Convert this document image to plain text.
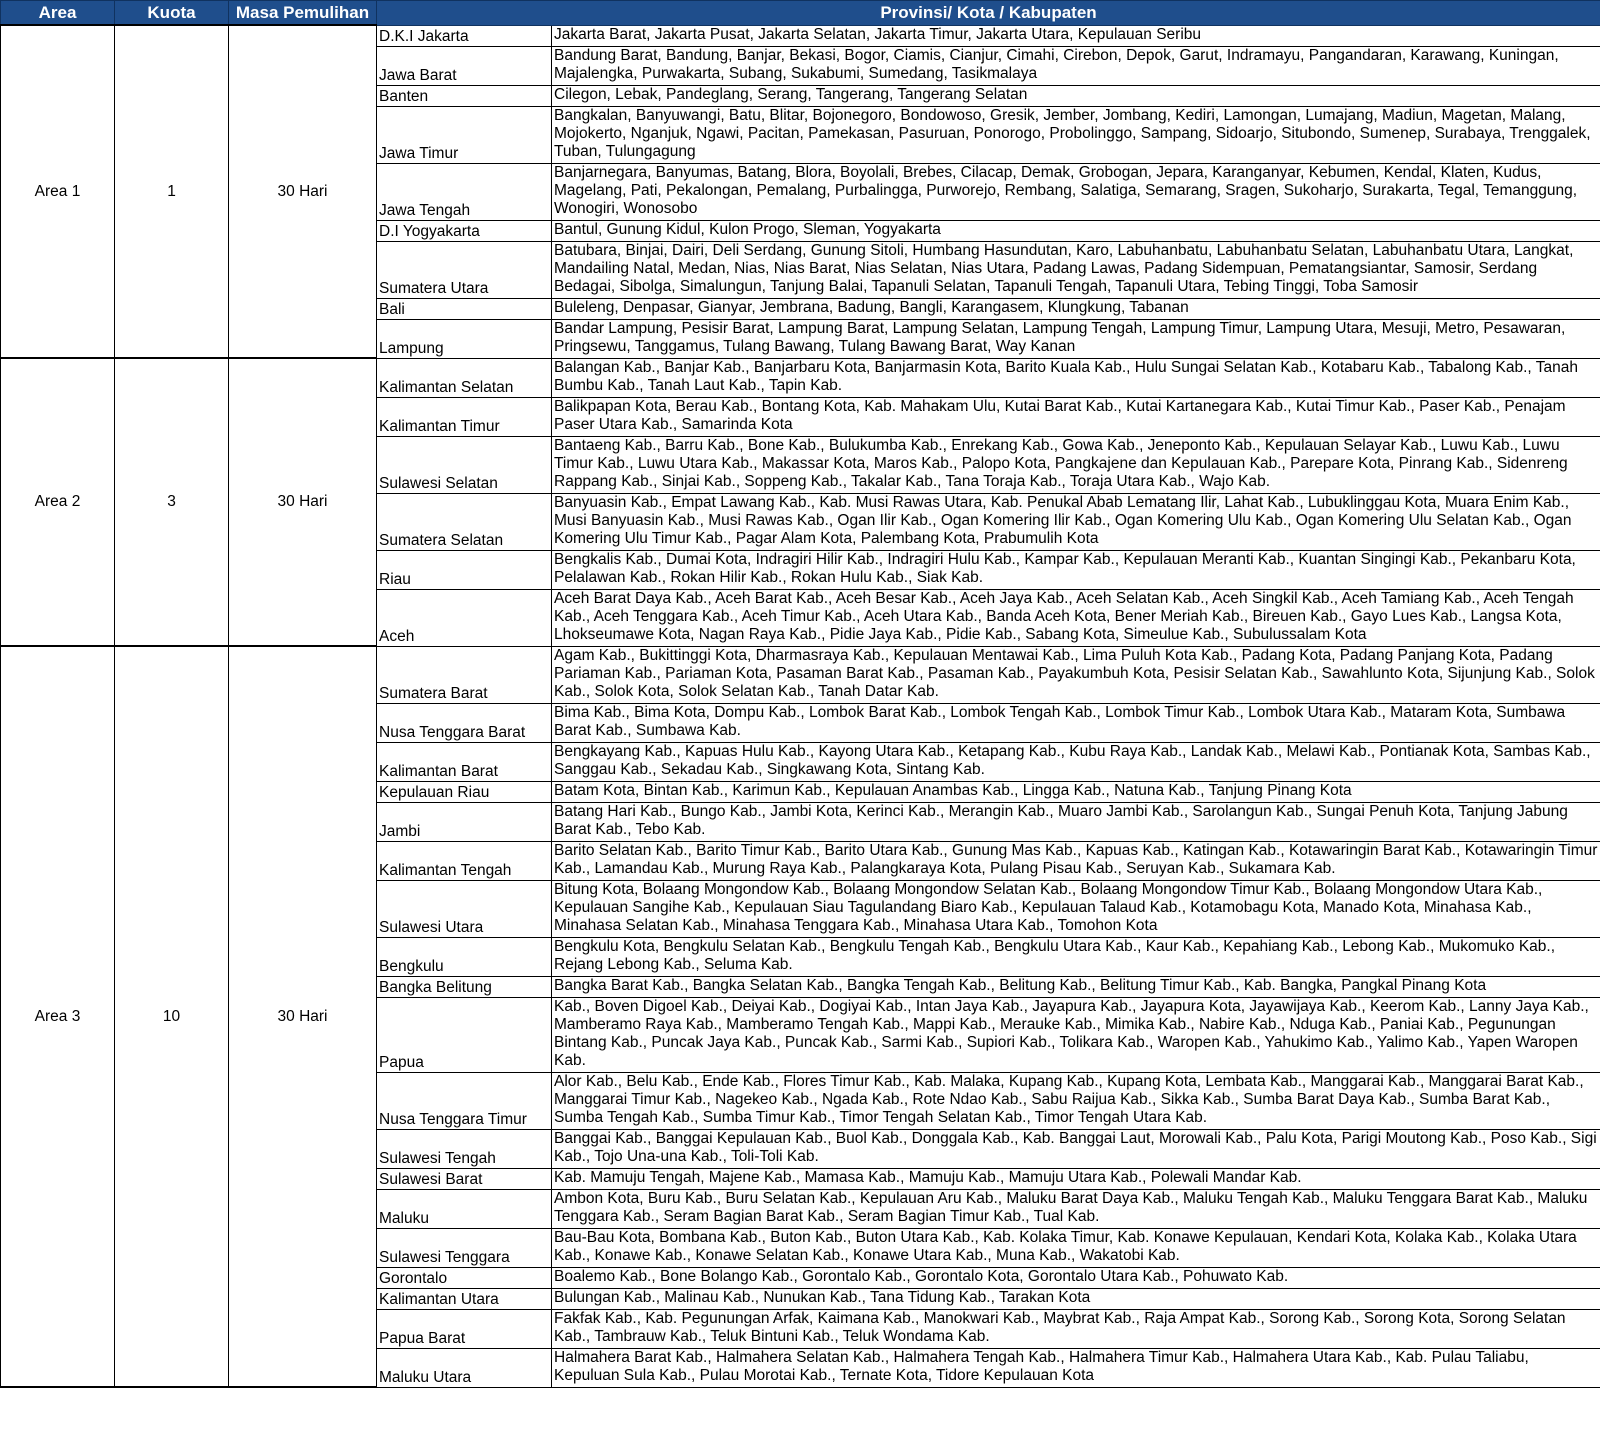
Area	Kuota	Masa Pemulihan	Provinsi/ Kota / Kabupaten	
Area 1	1	30 Hari	D.K.I Jakarta	Jakarta Barat, Jakarta Pusat, Jakarta Selatan, Jakarta Timur, Jakarta Utara, Kepulauan Seribu
			Jawa Barat	Bandung Barat, Bandung, Banjar, Bekasi, Bogor, Ciamis, Cianjur, Cimahi, Cirebon, Depok, Garut, Indramayu, Pangandaran, Karawang, Kuningan, Majalengka, Purwakarta, Subang, Sukabumi, Sumedang, Tasikmalaya
			Banten	Cilegon, Lebak, Pandeglang, Serang, Tangerang, Tangerang Selatan
			Jawa Timur	Bangkalan, Banyuwangi, Batu, Blitar, Bojonegoro, Bondowoso, Gresik, Jember, Jombang, Kediri, Lamongan, Lumajang, Madiun, Magetan, Malang, Mojokerto, Nganjuk, Ngawi, Pacitan, Pamekasan, Pasuruan, Ponorogo, Probolinggo, Sampang, Sidoarjo, Situbondo, Sumenep, Surabaya, Trenggalek, Tuban, Tulungagung
			Jawa Tengah	Banjarnegara, Banyumas, Batang, Blora, Boyolali, Brebes, Cilacap, Demak, Grobogan, Jepara, Karanganyar, Kebumen, Kendal, Klaten, Kudus, Magelang, Pati, Pekalongan, Pemalang, Purbalingga, Purworejo, Rembang, Salatiga, Semarang, Sragen, Sukoharjo, Surakarta, Tegal, Temanggung, Wonogiri, Wonosobo
			D.I Yogyakarta	Bantul, Gunung Kidul, Kulon Progo, Sleman, Yogyakarta
			Sumatera Utara	Batubara, Binjai, Dairi, Deli Serdang, Gunung Sitoli, Humbang Hasundutan, Karo, Labuhanbatu, Labuhanbatu Selatan, Labuhanbatu Utara, Langkat, Mandailing Natal, Medan, Nias, Nias Barat, Nias Selatan, Nias Utara, Padang Lawas, Padang Sidempuan, Pematangsiantar, Samosir, Serdang Bedagai, Sibolga, Simalungun, Tanjung Balai, Tapanuli Selatan, Tapanuli Tengah, Tapanuli Utara, Tebing Tinggi, Toba Samosir
			Bali	Buleleng, Denpasar, Gianyar, Jembrana, Badung, Bangli, Karangasem, Klungkung, Tabanan
			Lampung	Bandar Lampung, Pesisir Barat, Lampung Barat, Lampung Selatan, Lampung Tengah, Lampung Timur, Lampung Utara, Mesuji, Metro, Pesawaran, Pringsewu, Tanggamus, Tulang Bawang, Tulang Bawang Barat, Way Kanan
Area 2	3	30 Hari	Kalimantan Selatan	Balangan Kab., Banjar Kab., Banjarbaru Kota, Banjarmasin Kota, Barito Kuala Kab., Hulu Sungai Selatan Kab., Kotabaru Kab., Tabalong Kab., Tanah Bumbu Kab., Tanah Laut Kab., Tapin Kab.
			Kalimantan Timur	Balikpapan Kota, Berau Kab., Bontang Kota, Kab. Mahakam Ulu, Kutai Barat Kab., Kutai Kartanegara Kab., Kutai Timur Kab., Paser Kab., Penajam Paser Utara Kab., Samarinda Kota
			Sulawesi Selatan	Bantaeng Kab., Barru Kab., Bone Kab., Bulukumba Kab., Enrekang Kab., Gowa Kab., Jeneponto Kab., Kepulauan Selayar Kab., Luwu Kab., Luwu Timur Kab., Luwu Utara Kab., Makassar Kota, Maros Kab., Palopo Kota, Pangkajene dan Kepulauan Kab., Parepare Kota, Pinrang Kab., Sidenreng Rappang Kab., Sinjai Kab., Soppeng Kab., Takalar Kab., Tana Toraja Kab., Toraja Utara Kab., Wajo Kab.
			Sumatera Selatan	Banyuasin Kab., Empat Lawang Kab., Kab. Musi Rawas Utara, Kab. Penukal Abab Lematang Ilir, Lahat Kab., Lubuklinggau Kota, Muara Enim Kab., Musi Banyuasin Kab., Musi Rawas Kab., Ogan Ilir Kab., Ogan Komering Ilir Kab., Ogan Komering Ulu Kab., Ogan Komering Ulu Selatan Kab., Ogan Komering Ulu Timur Kab., Pagar Alam Kota, Palembang Kota, Prabumulih Kota
			Riau	Bengkalis Kab., Dumai Kota, Indragiri Hilir Kab., Indragiri Hulu Kab., Kampar Kab., Kepulauan Meranti Kab., Kuantan Singingi Kab., Pekanbaru Kota, Pelalawan Kab., Rokan Hilir Kab., Rokan Hulu Kab., Siak Kab.
			Aceh	Aceh Barat Daya Kab., Aceh Barat Kab., Aceh Besar Kab., Aceh Jaya Kab., Aceh Selatan Kab., Aceh Singkil Kab., Aceh Tamiang Kab., Aceh Tengah Kab., Aceh Tenggara Kab., Aceh Timur Kab., Aceh Utara Kab., Banda Aceh Kota, Bener Meriah Kab., Bireuen Kab., Gayo Lues Kab., Langsa Kota, Lhokseumawe Kota, Nagan Raya Kab., Pidie Jaya Kab., Pidie Kab., Sabang Kota, Simeulue Kab., Subulussalam Kota
Area 3	10	30 Hari	Sumatera Barat	Agam Kab., Bukittinggi Kota, Dharmasraya Kab., Kepulauan Mentawai Kab., Lima Puluh Kota Kab., Padang Kota, Padang Panjang Kota, Padang Pariaman Kab., Pariaman Kota, Pasaman Barat Kab., Pasaman Kab., Payakumbuh Kota, Pesisir Selatan Kab., Sawahlunto Kota, Sijunjung Kab., Solok Kab., Solok Kota, Solok Selatan Kab., Tanah Datar Kab.
			Nusa Tenggara Barat	Bima Kab., Bima Kota, Dompu Kab., Lombok Barat Kab., Lombok Tengah Kab., Lombok Timur Kab., Lombok Utara Kab., Mataram Kota, Sumbawa Barat Kab., Sumbawa Kab.
			Kalimantan Barat	Bengkayang Kab., Kapuas Hulu Kab., Kayong Utara Kab., Ketapang Kab., Kubu Raya Kab., Landak Kab., Melawi Kab., Pontianak Kota, Sambas Kab., Sanggau Kab., Sekadau Kab., Singkawang Kota, Sintang Kab.
			Kepulauan Riau	Batam Kota, Bintan Kab., Karimun Kab., Kepulauan Anambas Kab., Lingga Kab., Natuna Kab., Tanjung Pinang Kota
			Jambi	Batang Hari Kab., Bungo Kab., Jambi Kota, Kerinci Kab., Merangin Kab., Muaro Jambi Kab., Sarolangun Kab., Sungai Penuh Kota, Tanjung Jabung Barat Kab., Tebo Kab.
			Kalimantan Tengah	Barito Selatan Kab., Barito Timur Kab., Barito Utara Kab., Gunung Mas Kab., Kapuas Kab., Katingan Kab., Kotawaringin Barat Kab., Kotawaringin Timur Kab., Lamandau Kab., Murung Raya Kab., Palangkaraya Kota, Pulang Pisau Kab., Seruyan Kab., Sukamara Kab.
			Sulawesi Utara	Bitung Kota, Bolaang Mongondow Kab., Bolaang Mongondow Selatan Kab., Bolaang Mongondow Timur Kab., Bolaang Mongondow Utara Kab., Kepulauan Sangihe Kab., Kepulauan Siau Tagulandang Biaro Kab., Kepulauan Talaud Kab., Kotamobagu Kota, Manado Kota, Minahasa Kab., Minahasa Selatan Kab., Minahasa Tenggara Kab., Minahasa Utara Kab., Tomohon Kota
			Bengkulu	Bengkulu Kota, Bengkulu Selatan Kab., Bengkulu Tengah Kab., Bengkulu Utara Kab., Kaur Kab., Kepahiang Kab., Lebong Kab., Mukomuko Kab., Rejang Lebong Kab., Seluma Kab.
			Bangka Belitung	Bangka Barat Kab., Bangka Selatan Kab., Bangka Tengah Kab., Belitung Kab., Belitung Timur Kab., Kab. Bangka, Pangkal Pinang Kota
			Papua	Kab., Boven Digoel Kab., Deiyai Kab., Dogiyai Kab., Intan Jaya Kab., Jayapura Kab., Jayapura Kota, Jayawijaya Kab., Keerom Kab., Lanny Jaya Kab., Mamberamo Raya Kab., Mamberamo Tengah Kab., Mappi Kab., Merauke Kab., Mimika Kab., Nabire Kab., Nduga Kab., Paniai Kab., Pegunungan Bintang Kab., Puncak Jaya Kab., Puncak Kab., Sarmi Kab., Supiori Kab., Tolikara Kab., Waropen Kab., Yahukimo Kab., Yalimo Kab., Yapen Waropen Kab.
			Nusa Tenggara Timur	Alor Kab., Belu Kab., Ende Kab., Flores Timur Kab., Kab. Malaka, Kupang Kab., Kupang Kota, Lembata Kab., Manggarai Kab., Manggarai Barat Kab., Manggarai Timur Kab., Nagekeo Kab., Ngada Kab., Rote Ndao Kab., Sabu Raijua Kab., Sikka Kab., Sumba Barat Daya Kab., Sumba Barat Kab., Sumba Tengah Kab., Sumba Timur Kab., Timor Tengah Selatan Kab., Timor Tengah Utara Kab.
			Sulawesi Tengah	Banggai Kab., Banggai Kepulauan Kab., Buol Kab., Donggala Kab., Kab. Banggai Laut, Morowali Kab., Palu Kota, Parigi Moutong Kab., Poso Kab., Sigi Kab., Tojo Una-una Kab., Toli-Toli Kab.
			Sulawesi Barat	Kab. Mamuju Tengah, Majene Kab., Mamasa Kab., Mamuju Kab., Mamuju Utara Kab., Polewali Mandar Kab.
			Maluku	Ambon Kota, Buru Kab., Buru Selatan Kab., Kepulauan Aru Kab., Maluku Barat Daya Kab., Maluku Tengah Kab., Maluku Tenggara Barat Kab., Maluku Tenggara Kab., Seram Bagian Barat Kab., Seram Bagian Timur Kab., Tual Kab.
			Sulawesi Tenggara	Bau-Bau Kota, Bombana Kab., Buton Kab., Buton Utara Kab., Kab. Kolaka Timur, Kab. Konawe Kepulauan, Kendari Kota, Kolaka Kab., Kolaka Utara Kab., Konawe Kab., Konawe Selatan Kab., Konawe Utara Kab., Muna Kab., Wakatobi Kab.
			Gorontalo	Boalemo Kab., Bone Bolango Kab., Gorontalo Kab., Gorontalo Kota, Gorontalo Utara Kab., Pohuwato Kab.
			Kalimantan Utara	Bulungan Kab., Malinau Kab., Nunukan Kab., Tana Tidung Kab., Tarakan Kota
			Papua Barat	Fakfak Kab., Kab. Pegunungan Arfak, Kaimana Kab., Manokwari Kab., Maybrat Kab., Raja Ampat Kab., Sorong Kab., Sorong Kota, Sorong Selatan Kab., Tambrauw Kab., Teluk Bintuni Kab., Teluk Wondama Kab.
			Maluku Utara	Halmahera Barat Kab., Halmahera Selatan Kab., Halmahera Tengah Kab., Halmahera Timur Kab., Halmahera Utara Kab., Kab. Pulau Taliabu, Kepuluan Sula Kab., Pulau Morotai Kab., Ternate Kota, Tidore Kepulauan Kota
